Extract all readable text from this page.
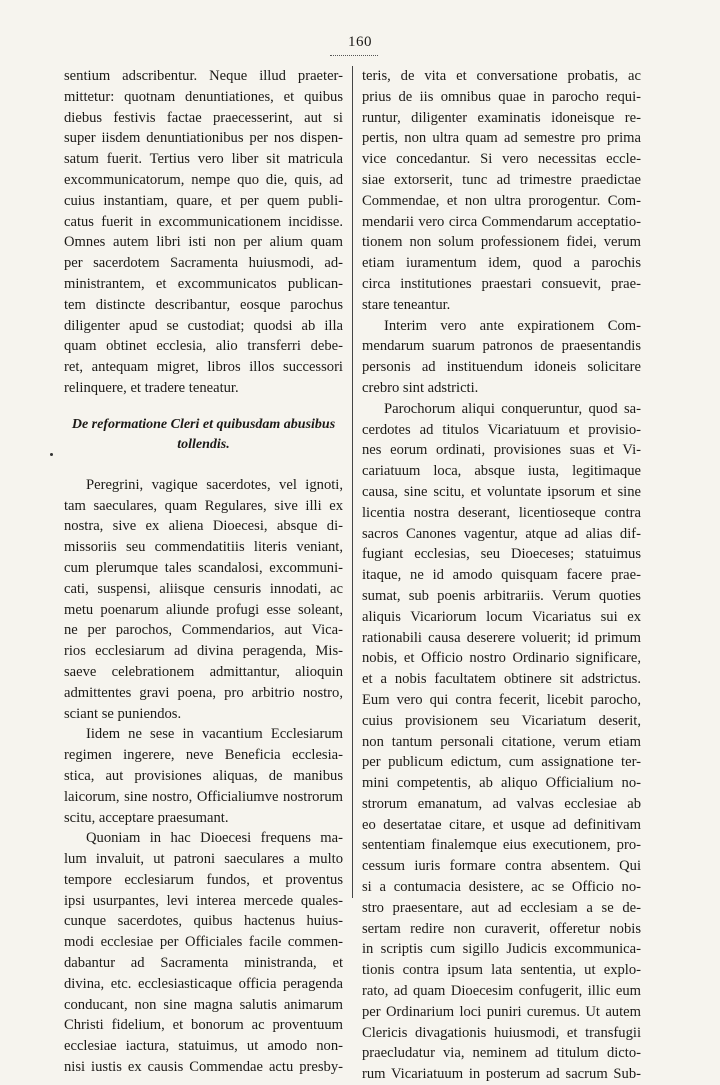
160
sentium adscribentur. Neque illud praeter-
mittetur: quotnam denuntiationes, et quibus
diebus festivis factae praecesserint, aut si
super iisdem denuntiationibus per nos dispen-
satum fuerit. Tertius vero liber sit matricula
excommunicatorum, nempe quo die, quis, ad
cuius instantiam, quare, et per quem publi-
catus fuerit in excommunicationem incidisse.
Omnes autem libri isti non per alium quam
per sacerdotem Sacramenta huiusmodi, ad-
ministrantem, et excommunicatos publican-
tem distincte describantur, eosque parochus
diligenter apud se custodiat; quodsi ab illa
quam obtinet ecclesia, alio transferri debe-
ret, antequam migret, libros illos successori
relinquere, et tradere teneatur.
De reformatione Cleri et quibusdam abusibus
tollendis.
Peregrini, vagique sacerdotes, vel ignoti,
tam saeculares, quam Regulares, sive illi ex
nostra, sive ex aliena Dioecesi, absque di-
missoriis seu commendatitiis literis veniant,
cum plerumque tales scandalosi, excommuni-
cati, suspensi, aliisque censuris innodati, ac
metu poenarum aliunde profugi esse soleant,
ne per parochos, Commendarios, aut Vica-
rios ecclesiarum ad divina peragenda, Mis-
saeve celebrationem admittantur, alioquin
admittentes gravi poena, pro arbitrio nostro,
sciant se puniendos.
Iidem ne sese in vacantium Ecclesiarum
regimen ingerere, neve Beneficia ecclesia-
stica, aut provisiones aliquas, de manibus
laicorum, sine nostro, Officialiumve nostrorum
scitu, acceptare praesumant.
Quoniam in hac Dioecesi frequens ma-
lum invaluit, ut patroni saeculares a multo
tempore ecclesiarum fundos, et proventus
ipsi usurpantes, levi interea mercede quales-
cunque sacerdotes, quibus hactenus huius-
modi ecclesiae per Officiales facile commen-
dabantur ad Sacramenta ministranda, et
divina, etc. ecclesiasticaque officia peragenda
conducant, non sine magna salutis animarum
Christi fidelium, et bonorum ac proventuum
ecclesiae iactura, statuimus, ut amodo non-
nisi iustis ex causis Commendae actu presby-
teris, de vita et conversatione probatis, ac
prius de iis omnibus quae in parocho requi-
runtur, diligenter examinatis idoneisque re-
pertis, non ultra quam ad semestre pro prima
vice concedantur. Si vero necessitas eccle-
siae extorserit, tunc ad trimestre praedictae
Commendae, et non ultra prorogentur. Com-
mendarii vero circa Commendarum acceptatio-
tionem non solum professionem fidei, verum
etiam iuramentum idem, quod a parochis
circa institutiones praestari consuevit, prae-
stare teneantur.
Interim vero ante expirationem Com-
mendarum suarum patronos de praesentandis
personis ad instituendum idoneis solicitare
crebro sint adstricti.
Parochorum aliqui conqueruntur, quod sa-
cerdotes ad titulos Vicariatuum et provisio-
nes eorum ordinati, provisiones suas et Vi-
cariatuum loca, absque iusta, legitimaque
causa, sine scitu, et voluntate ipsorum et sine
licentia nostra deserant, licentioseque contra
sacros Canones vagentur, atque ad alias dif-
fugiant ecclesias, seu Dioeceses; statuimus
itaque, ne id amodo quisquam facere prae-
sumat, sub poenis arbitrariis. Verum quoties
aliquis Vicariorum locum Vicariatus sui ex
rationabili causa deserere voluerit; id primum
nobis, et Officio nostro Ordinario significare,
et a nobis facultatem obtinere sit adstrictus.
Eum vero qui contra fecerit, licebit parocho,
cuius provisionem seu Vicariatum deserit,
non tantum personali citatione, verum etiam
per publicum edictum, cum assignatione ter-
mini competentis, ab aliquo Officialium no-
strorum emanatum, ad valvas ecclesiae ab
eo desertatae citare, et usque ad definitivam
sententiam finalemque eius executionem, pro-
cessum iuris formare contra absentem. Qui
si a contumacia desistere, ac se Officio no-
stro praesentare, aut ad ecclesiam a se de-
sertam redire non curaverit, offeretur nobis
in scriptis cum sigillo Judicis excommunica-
tionis contra ipsum lata sententia, ut explo-
rato, ad quam Dioecesim confugerit, illic eum
per Ordinarium loci puniri curemus. Ut autem
Clericis divagationis huiusmodi, et transfugii
praecludatur via, neminem ad titulum dicto-
rum Vicariatuum in posterum ad sacrum Sub-
